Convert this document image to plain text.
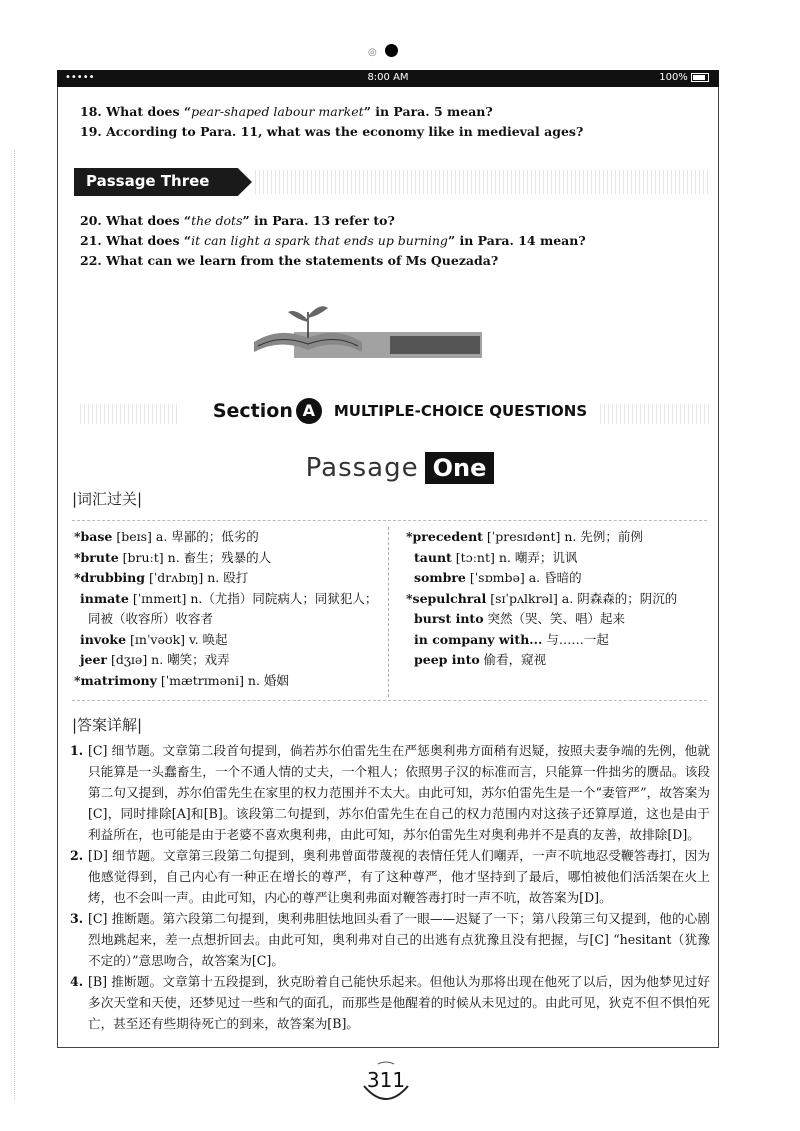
◎
•••••	8:00 AM	100%
18. What does “pear-shaped labour market” in Para. 5 mean?
19. According to Para. 11, what was the economy like in medieval ages?
Passage Three
20. What does “the dots” in Para. 13 refer to?
21. What does “it can light a spark that ends up burning” in Para. 14 mean?
22. What can we learn from the statements of Ms Quezada?
Section A MULTIPLE-CHOICE QUESTIONS
Passage One
|词汇过关|
*base [beɪs] a. 卑鄙的；低劣的
*brute [bruːt] n. 畜生；残暴的人
*drubbing [ˈdrʌbɪŋ] n. 殴打
inmate [ˈɪnmeɪt] n.（尤指）同院病人；同狱犯人；
同被（收容所）收容者
invoke [ɪnˈvəʊk] v. 唤起
jeer [dʒɪə] n. 嘲笑；戏弄
*matrimony [ˈmætrɪməni] n. 婚姻
*precedent [ˈpresɪdənt] n. 先例；前例
taunt [tɔːnt] n. 嘲弄；讥讽
sombre [ˈsɒmbə] a. 昏暗的
*sepulchral [sɪˈpʌlkrəl] a. 阴森森的；阴沉的
burst into 突然（哭、笑、唱）起来
in company with... 与……一起
peep into 偷看，窥视
|答案详解|
1. [C] 细节题。文章第二段首句提到，倘若苏尔伯雷先生在严惩奥利弗方面稍有迟疑，按照夫妻争端的先例，他就只能算是一头蠢畜生，一个不通人情的丈夫，一个粗人；依照男子汉的标准而言，只能算一件拙劣的赝品。该段第二句又提到，苏尔伯雷先生在家里的权力范围并不太大。由此可知，苏尔伯雷先生是一个“妻管严”，故答案为[C]，同时排除[A]和[B]。该段第二句提到，苏尔伯雷先生在自己的权力范围内对这孩子还算厚道，这也是由于利益所在，也可能是由于老婆不喜欢奥利弗，由此可知，苏尔伯雷先生对奥利弗并不是真的友善，故排除[D]。
2. [D] 细节题。文章第三段第二句提到，奥利弗曾面带蔑视的表情任凭人们嘲弄，一声不吭地忍受鞭答毒打，因为他感觉得到，自己内心有一种正在增长的尊严，有了这种尊严，他才坚持到了最后，哪怕被他们活活架在火上烤，也不会叫一声。由此可知，内心的尊严让奥利弗面对鞭答毒打时一声不吭，故答案为[D]。
3. [C] 推断题。第六段第二句提到，奥利弗胆怯地回头看了一眼——迟疑了一下；第八段第三句又提到，他的心剧烈地跳起来，差一点想折回去。由此可知，奥利弗对自己的出逃有点犹豫且没有把握，与[C] “hesitant（犹豫不定的）”意思吻合，故答案为[C]。
4. [B] 推断题。文章第十五段提到，狄克盼着自己能快乐起来。但他认为那将出现在他死了以后，因为他梦见过好多次天堂和天使，还梦见过一些和气的面孔，而那些是他醒着的时候从未见过的。由此可见，狄克不但不惧怕死亡，甚至还有些期待死亡的到来，故答案为[B]。
311
